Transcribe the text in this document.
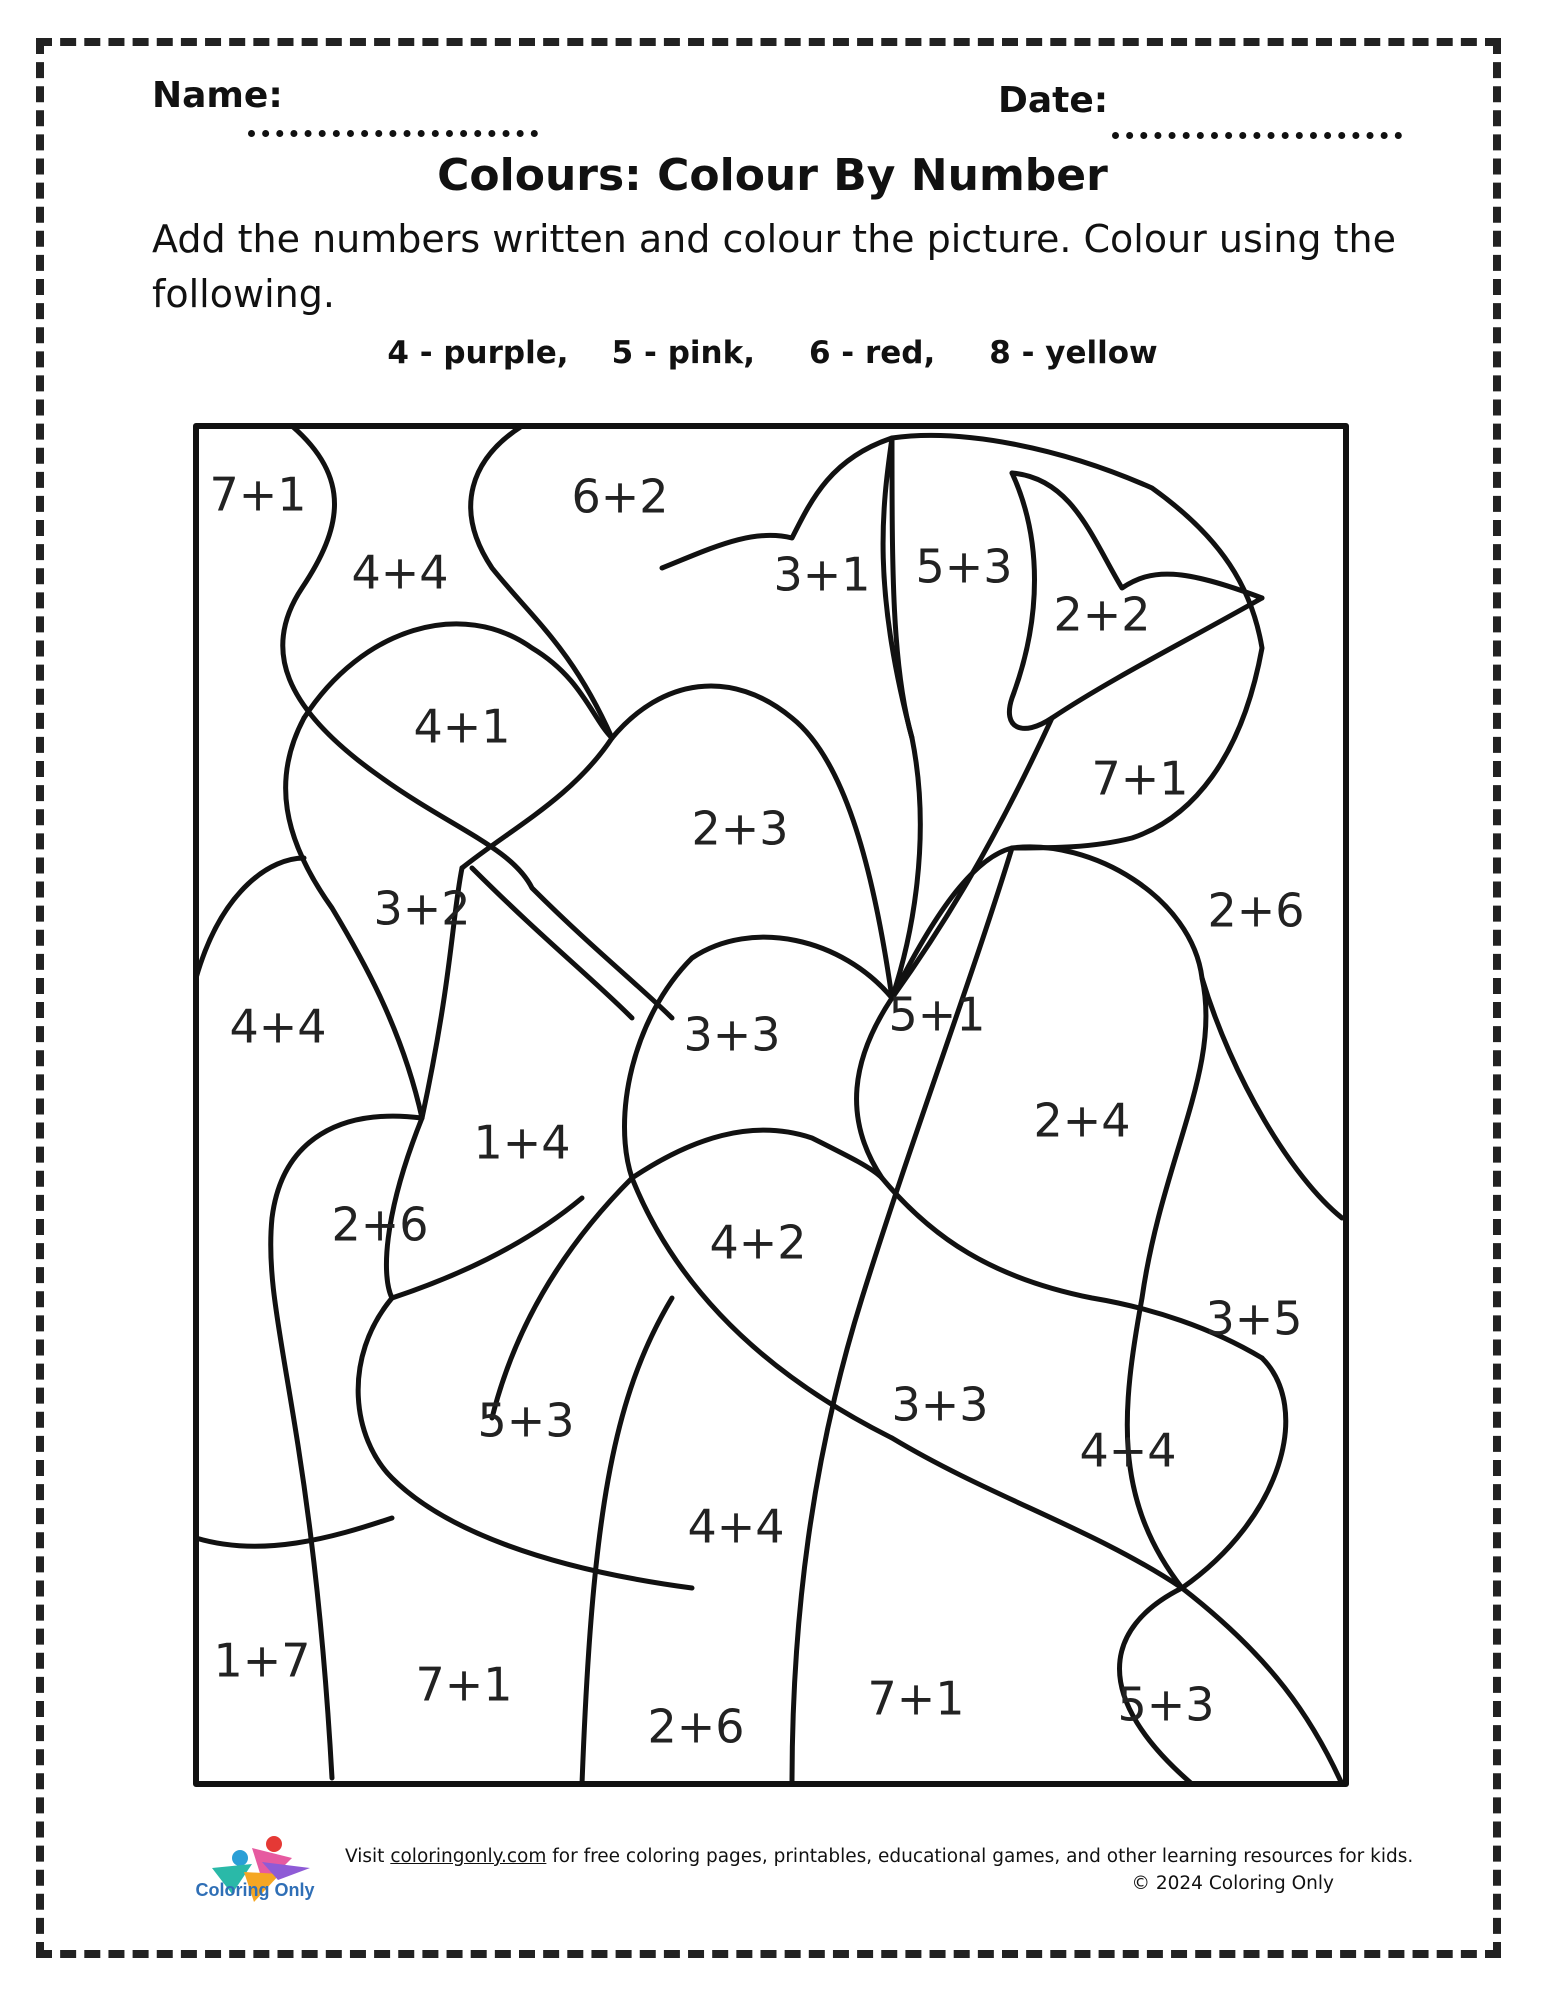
Name:	Date:
Colours: Colour By Number
Add the numbers written and colour the picture. Colour using the following.
4 - purple,    5 - pink,     6 - red,     8 - yellow
7+1
4+4
6+2
3+1 5+3
2+2
4+1
7+1
2+3
3+2	2+6
4+4	3+3 5+1
2+4
1+4
2+6	4+2
3+5
5+3	3+3
4+4
4+4
1+7 7+1
2+6
7+1	5+3
Coloring Only
Visit coloringonly.com for free coloring pages, printables, educational games, and other learning resources for kids.
© 2024 Coloring Only
